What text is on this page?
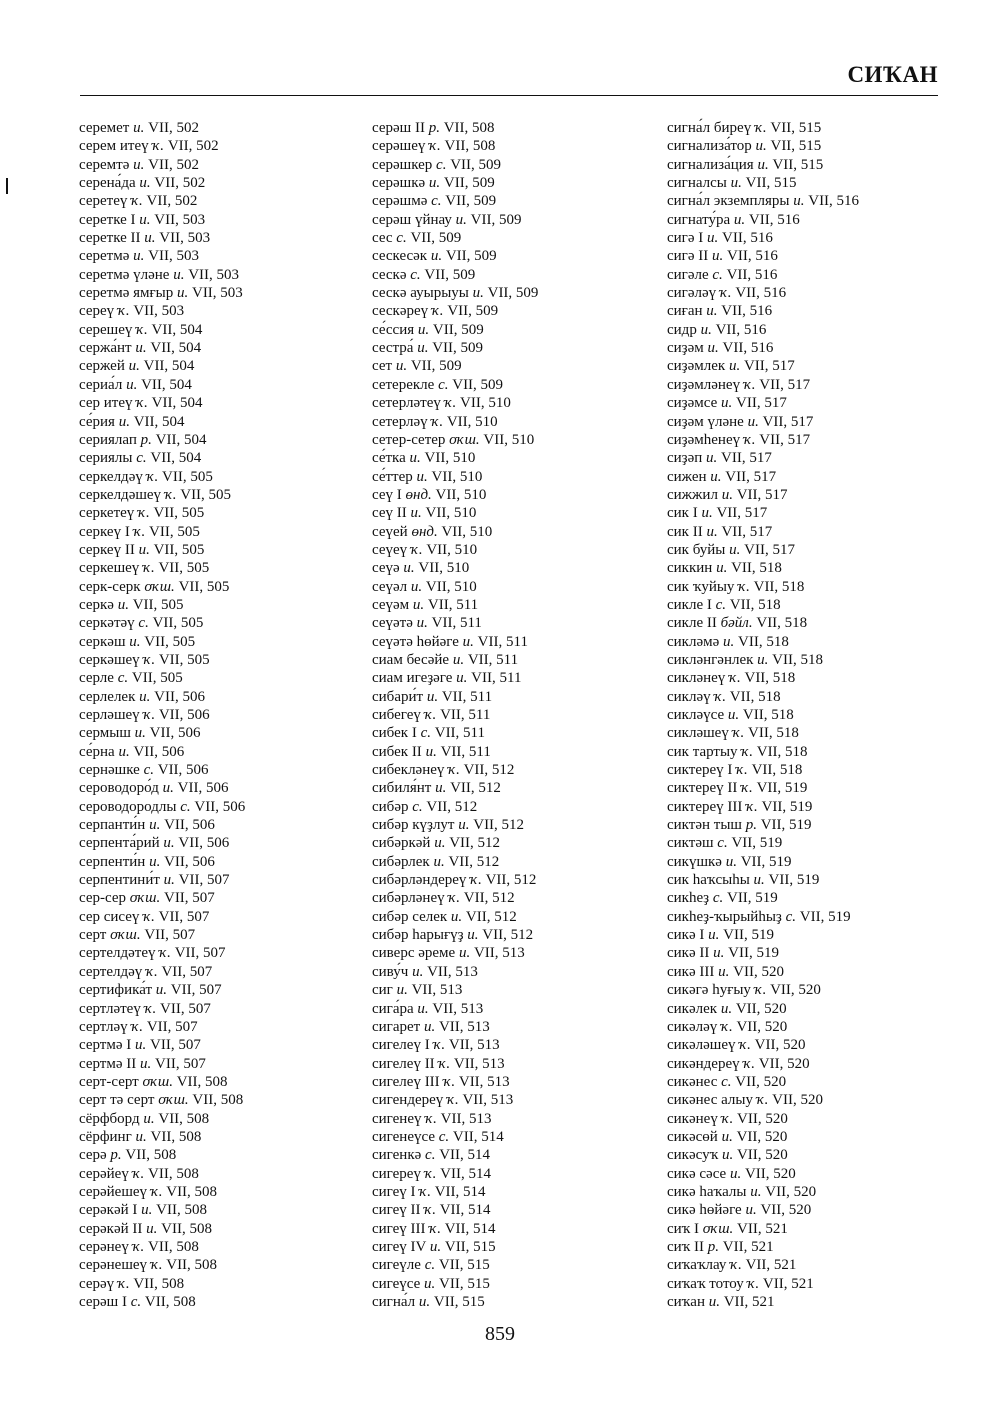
СИҠАН
серемет и. VII, 502
серем итеү ҡ. VII, 502
серемтә и. VII, 502
серена́да и. VII, 502
серетеү ҡ. VII, 502
серетке I и. VII, 503
серетке II и. VII, 503
серетмә и. VII, 503
серетмә үләне и. VII, 503
серетмә ямғыр и. VII, 503
сереү ҡ. VII, 503
серешеү ҡ. VII, 504
сержа́нт и. VII, 504
сержей и. VII, 504
сериа́л и. VII, 504
сер итеү ҡ. VII, 504
се́рия и. VII, 504
сериялап р. VII, 504
сериялы с. VII, 504
серкелдәү ҡ. VII, 505
серкелдәшеү ҡ. VII, 505
серкетеү ҡ. VII, 505
серкеү I ҡ. VII, 505
серкеү II и. VII, 505
серкешеү ҡ. VII, 505
серк-серк оҡш. VII, 505
серкә и. VII, 505
серкәтәү с. VII, 505
серкәш и. VII, 505
серкәшеү ҡ. VII, 505
серле с. VII, 505
серлелек и. VII, 506
серләшеү ҡ. VII, 506
сермыш и. VII, 506
се́рна и. VII, 506
сернәшке с. VII, 506
сероводоро́д и. VII, 506
сероводородлы с. VII, 506
серпанти́н и. VII, 506
серпента́рий и. VII, 506
серпенти́н и. VII, 506
серпентини́т и. VII, 507
сер-сер оҡш. VII, 507
сер сисеү ҡ. VII, 507
серт оҡш. VII, 507
сертелдәтеү ҡ. VII, 507
сертелдәү ҡ. VII, 507
сертифика́т и. VII, 507
сертләтеү ҡ. VII, 507
сертләү ҡ. VII, 507
сертмә I и. VII, 507
сертмә II и. VII, 507
серт-серт оҡш. VII, 508
серт тә серт оҡш. VII, 508
сёрфборд и. VII, 508
сёрфинг и. VII, 508
серә р. VII, 508
серәйеү ҡ. VII, 508
серәйешеү ҡ. VII, 508
серәкәй I и. VII, 508
серәкәй II и. VII, 508
серәнеү ҡ. VII, 508
серәнешеү ҡ. VII, 508
серәү ҡ. VII, 508
серәш I с. VII, 508
серәш II р. VII, 508
серәшеү ҡ. VII, 508
серәшкер с. VII, 509
серәшкә и. VII, 509
серәшмә с. VII, 509
серәш үйнау и. VII, 509
сес с. VII, 509
сескесәк и. VII, 509
сескә с. VII, 509
сескә ауырыуы и. VII, 509
сескәреү ҡ. VII, 509
се́ссия и. VII, 509
сестра́ и. VII, 509
сет и. VII, 509
сетерекле с. VII, 509
сетерләтеү ҡ. VII, 510
сетерләү ҡ. VII, 510
сетер-сетер оҡш. VII, 510
се́тка и. VII, 510
се́ттер и. VII, 510
сеү I өнд. VII, 510
сеү II и. VII, 510
сеүей өнд. VII, 510
сеүеү ҡ. VII, 510
сеүә и. VII, 510
сеүәл и. VII, 510
сеүәм и. VII, 511
сеүәтә и. VII, 511
сеүәтә һөйәге и. VII, 511
сиам бесәйе и. VII, 511
сиам игеҙәге и. VII, 511
сибари́т и. VII, 511
сибегеү ҡ. VII, 511
сибек I с. VII, 511
сибек II и. VII, 511
сибекләнеү ҡ. VII, 512
сибиля́нт и. VII, 512
сибәр с. VII, 512
сибәр күҙлут и. VII, 512
сибәркәй и. VII, 512
сибәрлек и. VII, 512
сибәрләндереү ҡ. VII, 512
сибәрләнеү ҡ. VII, 512
сибәр селек и. VII, 512
сибәр һарығүҙ и. VII, 512
сиверс әреме и. VII, 513
сиву́ч и. VII, 513
сиг и. VII, 513
сига́ра и. VII, 513
сигарет и. VII, 513
сигелеү I ҡ. VII, 513
сигелеү II ҡ. VII, 513
сигелеү III ҡ. VII, 513
сигендереү ҡ. VII, 513
сигенеү ҡ. VII, 513
сигенеүсе с. VII, 514
сигенкә с. VII, 514
сигереү ҡ. VII, 514
сигеү I ҡ. VII, 514
сигеү II ҡ. VII, 514
сигеү III ҡ. VII, 514
сигеү IV и. VII, 515
сигеүле с. VII, 515
сигеүсе и. VII, 515
сигна́л и. VII, 515
сигна́л биреү ҡ. VII, 515
сигнализа́тор и. VII, 515
сигнализа́ция и. VII, 515
сигналсы и. VII, 515
сигна́л экземпляры и. VII, 516
сигнату́ра и. VII, 516
сигә I и. VII, 516
сигә II и. VII, 516
сигәле с. VII, 516
сигәләү ҡ. VII, 516
сиған и. VII, 516
сидр и. VII, 516
сиҙәм и. VII, 516
сиҙәмлек и. VII, 517
сиҙәмләнеү ҡ. VII, 517
сиҙәмсе и. VII, 517
сиҙәм үләне и. VII, 517
сиҙәмһенеү ҡ. VII, 517
сиҙәп и. VII, 517
сижен и. VII, 517
сижжил и. VII, 517
сик I и. VII, 517
сик II и. VII, 517
сик буйы и. VII, 517
сиккин и. VII, 518
сик ҡуйыу ҡ. VII, 518
сикле I с. VII, 518
сикле II бәйл. VII, 518
сикләмә и. VII, 518
сикләнгәнлек и. VII, 518
сикләнеү ҡ. VII, 518
сикләү ҡ. VII, 518
сикләүсе и. VII, 518
сикләшеү ҡ. VII, 518
сик тартыу ҡ. VII, 518
сиктереү I ҡ. VII, 518
сиктереү II ҡ. VII, 519
сиктереү III ҡ. VII, 519
сиктән тыш р. VII, 519
сиктәш с. VII, 519
сикүшкә и. VII, 519
сик һаҡсыһы и. VII, 519
сикһеҙ с. VII, 519
сикһеҙ-ҡырыйһыҙ с. VII, 519
сикә I и. VII, 519
сикә II и. VII, 519
сикә III и. VII, 520
сикәгә һуғыу ҡ. VII, 520
сикәлек и. VII, 520
сикәләү ҡ. VII, 520
сикәләшеү ҡ. VII, 520
сикәндереү ҡ. VII, 520
сикәнес с. VII, 520
сикәнес алыу ҡ. VII, 520
сикәнеү ҡ. VII, 520
сикәсөй и. VII, 520
сикәсуҡ и. VII, 520
сикә сәсе и. VII, 520
сикә һаҡалы и. VII, 520
сикә һөйәге и. VII, 520
сиҡ I оҡш. VII, 521
сиҡ II р. VII, 521
сиҡаҡлау ҡ. VII, 521
сиҡаҡ тотоу ҡ. VII, 521
сиҡан и. VII, 521
859
